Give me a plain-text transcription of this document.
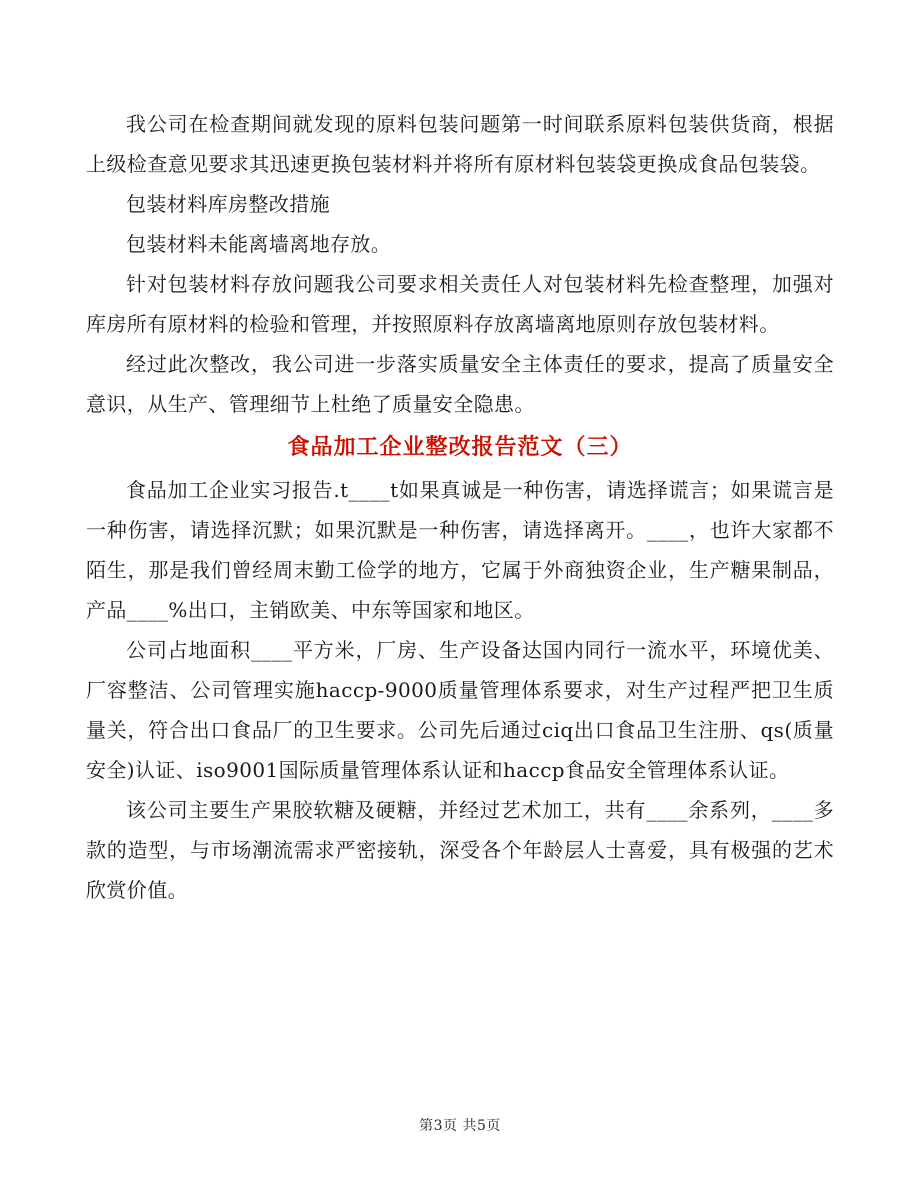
我公司在检查期间就发现的原料包装问题第一时间联系原料包装供货商，根据上级检查意见要求其迅速更换包装材料并将所有原材料包装袋更换成食品包装袋。

包装材料库房整改措施

包装材料未能离墙离地存放。

针对包装材料存放问题我公司要求相关责任人对包装材料先检查整理，加强对库房所有原材料的检验和管理，并按照原料存放离墙离地原则存放包装材料。

经过此次整改，我公司进一步落实质量安全主体责任的要求，提高了质量安全意识，从生产、管理细节上杜绝了质量安全隐患。

食品加工企业整改报告范文（三）

食品加工企业实习报告.t____t如果真诚是一种伤害，请选择谎言；如果谎言是一种伤害，请选择沉默；如果沉默是一种伤害，请选择离开。____，也许大家都不陌生，那是我们曾经周末勤工俭学的地方，它属于外商独资企业，生产糖果制品，产品____%出口，主销欧美、中东等国家和地区。

公司占地面积____平方米，厂房、生产设备达国内同行一流水平，环境优美、厂容整洁、公司管理实施haccp-9000质量管理体系要求，对生产过程严把卫生质量关，符合出口食品厂的卫生要求。公司先后通过ciq出口食品卫生注册、qs(质量安全)认证、iso9001国际质量管理体系认证和haccp食品安全管理体系认证。

该公司主要生产果胶软糖及硬糖，并经过艺术加工，共有____余系列，____多款的造型，与市场潮流需求严密接轨，深受各个年龄层人士喜爱，具有极强的艺术欣赏价值。

第3页 共5页
